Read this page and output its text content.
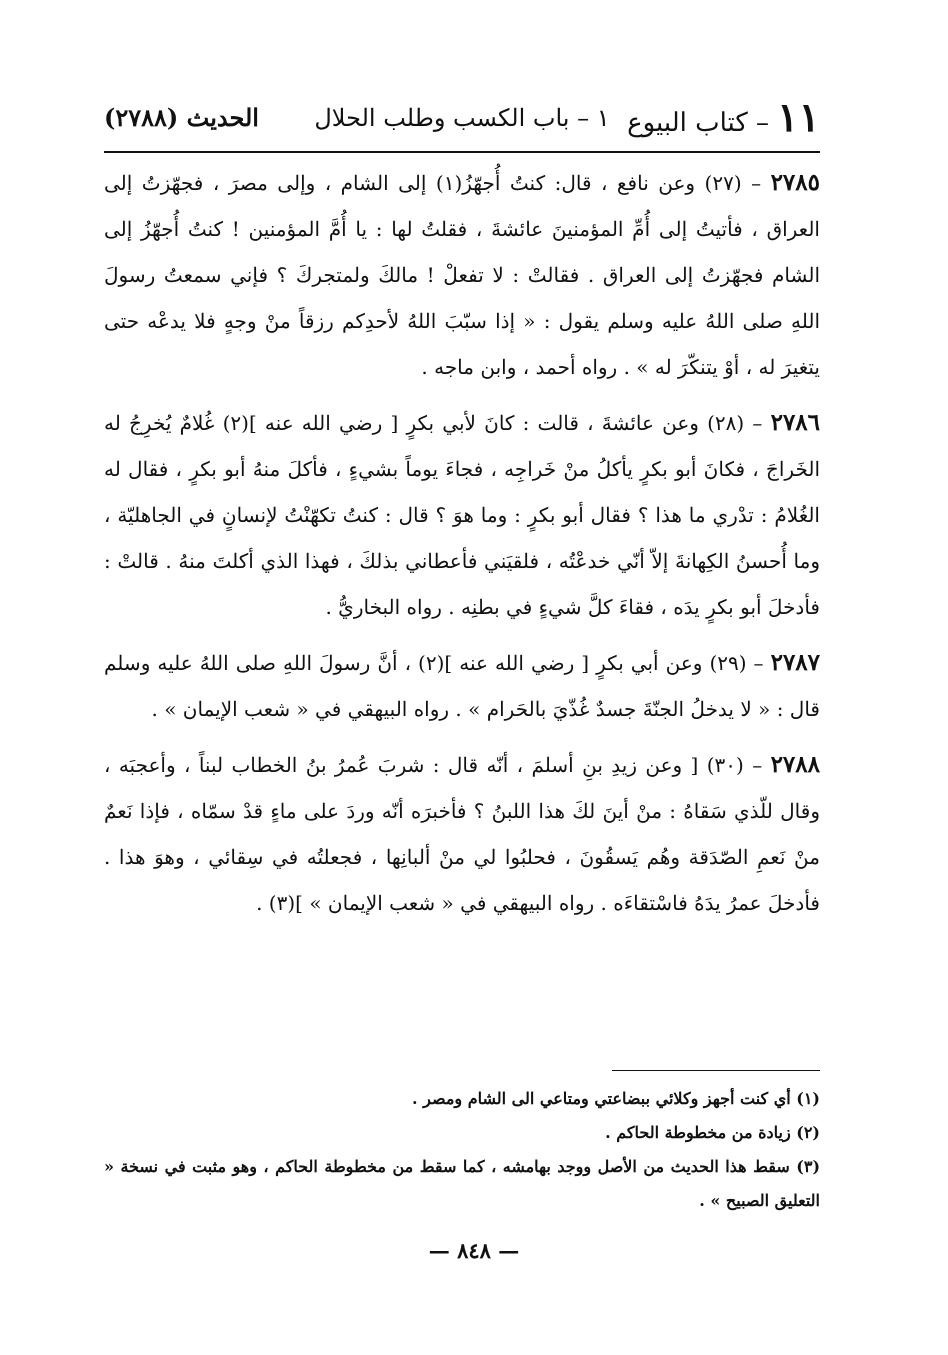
١١
– كتاب البيوع
١ – باب الكسب وطلب الحلال
الحديث (٢٧٨٨)

٢٧٨٥ – (٢٧) وعن نافع ، قال: كنتُ أُجهّزُ(١) إلى الشام ، وإلى مصرَ ، فجهّزتُ إلى العراق ، فأتيتُ إلى أُمِّ المؤمنينَ عائشةَ ، فقلتُ لها : يا أُمَّ المؤمنين ! كنتُ أُجهّزُ إلى الشام فجهّزتُ إلى العراق . فقالتْ : لا تفعلْ ! مالكَ ولمتجركَ ؟ فإني سمعتُ رسولَ اللهِ صلى اللهُ عليه وسلم يقول : « إذا سبّبَ اللهُ لأحدِكم رزقاً منْ وجهٍ فلا يدعْه حتى يتغيرَ له ، أوْ يتنكّرَ له » . رواه أحمد ، وابن ماجه .

٢٧٨٦ – (٢٨) وعن عائشةَ ، قالت : كانَ لأبي بكرٍ [ رضي الله عنه ](٢) غُلامٌ يُخرِجُ له الخَراجَ ، فكانَ أبو بكرٍ يأكلُ منْ خَراجِه ، فجاءَ يوماً بشيءٍ ، فأكلَ منهُ أبو بكرٍ ، فقال له الغُلامُ : تدْري ما هذا ؟ فقال أبو بكرٍ : وما هوَ ؟ قال : كنتُ تكهّنْتُ لإنسانٍ في الجاهليّة ، وما أُحسنُ الكِهانةَ إلاّ أنّي خدعْتُه ، فلقيَني فأعطاني بذلكَ ، فهذا الذي أكلتَ منهُ . قالتْ : فأدخلَ أبو بكرٍ يدَه ، فقاءَ كلَّ شيءٍ في بطنِه . رواه البخاريُّ .

٢٧٨٧ – (٢٩) وعن أبي بكرٍ [ رضي الله عنه ](٢) ، أنَّ رسولَ اللهِ صلى اللهُ عليه وسلم قال : « لا يدخلُ الجنّةَ جسدٌ غُذّيَ بالحَرام » . رواه البيهقي في « شعب الإيمان » .

٢٧٨٨ – (٣٠) [ وعن زيدِ بنِ أسلمَ ، أنّه قال : شربَ عُمرُ بنُ الخطاب لبناً ، وأعجبَه ، وقال للّذي سَقاهُ : منْ أينَ لكَ هذا اللبنُ ؟ فأخبرَه أنّه وردَ على ماءٍ قدْ سمّاه ، فإذا نَعمٌ منْ نَعمِ الصّدَقة وهُم يَسقُونَ ، فحلبُوا لي منْ ألبانِها ، فجعلتُه في سِقائي ، وهوَ هذا . فأدخلَ عمرُ يدَهُ فاسْتقاءَه . رواه البيهقي في « شعب الإيمان » ](٣) .

(١) أي كنت أجهز وكلائي ببضاعتي ومتاعي الى الشام ومصر .

(٢) زيادة من مخطوطة الحاكم .

(٣) سقط هذا الحديث من الأصل ووجد بهامشه ، كما سقط من مخطوطة الحاكم ، وهو مثبت في نسخة « التعليق الصبيح » .

— ٨٤٨ —
